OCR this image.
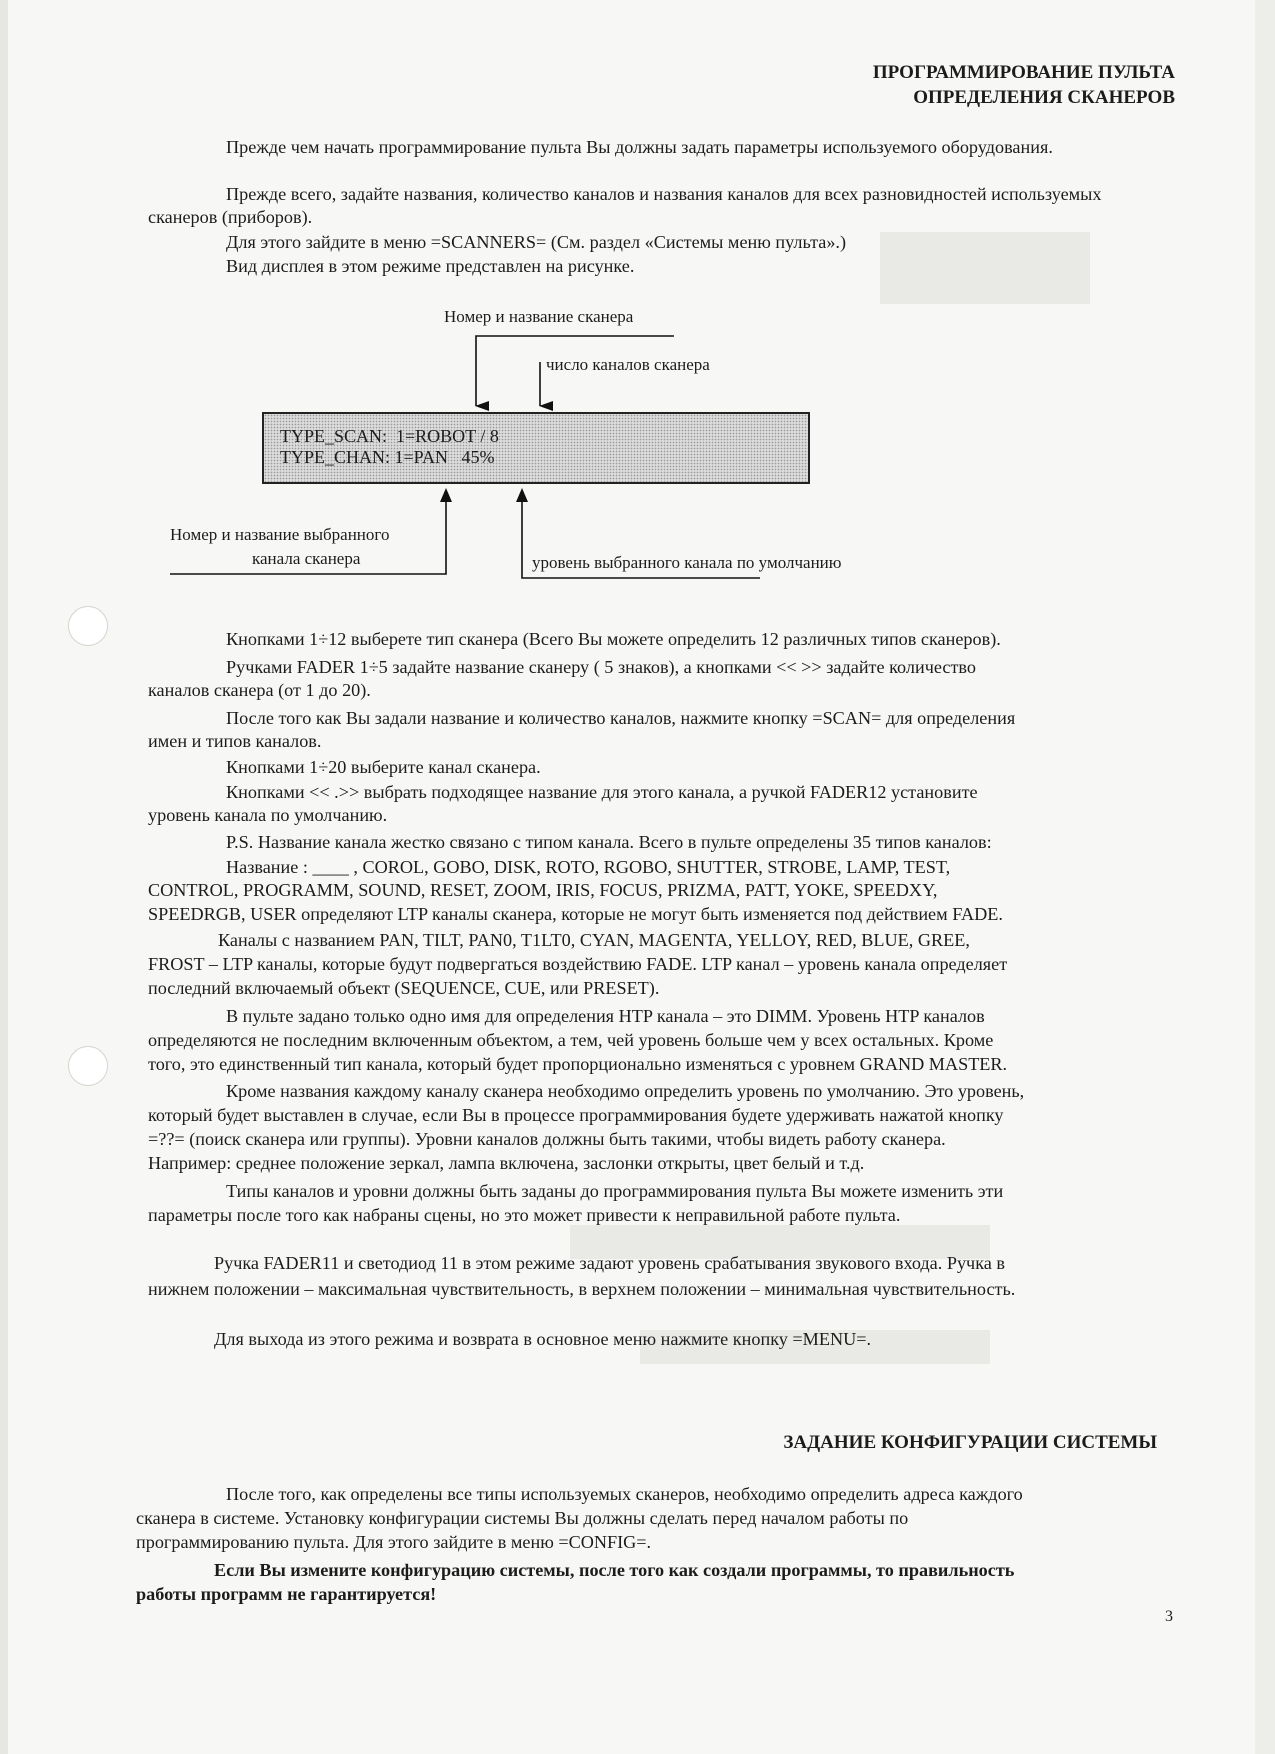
ПРОГРАММИРОВАНИЕ ПУЛЬТА
ОПРЕДЕЛЕНИЯ СКАНЕРОВ

Прежде чем начать программирование пульта Вы должны задать параметры используемого оборудования.

Прежде всего, задайте названия, количество каналов и названия каналов для всех разновидностей используемых сканеров (приборов).

Для этого зайдите в меню =SCANNERS= (См. раздел «Системы меню пульта».)

Вид дисплея в этом режиме представлен на рисунке.

Номер и название сканера
число каналов сканера
TYPE_SCAN:  1=ROBOT / 8
TYPE_CHAN: 1=PAN   45%
Номер и название выбранного
канала сканера	уровень выбранного канала по умолчанию

Кнопками 1÷12 выберете тип сканера (Всего Вы можете определить 12 различных типов сканеров).

Ручками FADER 1÷5 задайте название сканеру ( 5 знаков), а кнопками << >> задайте количество

каналов сканера (от 1 до 20).

После того как Вы задали название и количество каналов, нажмите кнопку =SCAN= для определения

имен и типов каналов.

Кнопками 1÷20 выберите канал сканера.

Кнопками << .>> выбрать подходящее название для этого канала, а ручкой FADER12 установите

уровень канала по умолчанию.

P.S. Название канала жестко связано с типом канала. Всего в пульте определены 35 типов каналов:

Название : ____ , COROL, GOBO, DISK, ROTO, RGOBO, SHUTTER, STROBE, LAMP, TEST,

CONTROL, PROGRAMM, SOUND, RESET, ZOOM, IRIS, FOCUS, PRIZMA, PATT, YOKE, SPEEDXY,

SPEEDRGB, USER определяют LTP каналы сканера, которые не могут быть изменяется под действием FADE.

Каналы с названием PAN, TILT, PAN0, T1LT0, CYAN, MAGENTA, YELLOY, RED, BLUE, GREE,

FROST – LTP каналы, которые будут подвергаться воздействию FADE. LTP канал – уровень канала определяет

последний включаемый объект (SEQUENCE, CUE, или PRESET).

В пульте задано только одно имя для определения HTP канала – это DIMM. Уровень HTP каналов

определяются не последним включенным объектом, а тем, чей уровень больше чем у всех остальных. Кроме

того, это единственный тип канала, который будет пропорционально изменяться с уровнем GRAND MASTER.

Кроме названия каждому каналу сканера необходимо определить уровень по умолчанию. Это уровень,

который будет выставлен в случае, если Вы в процессе программирования будете удерживать нажатой кнопку

=??= (поиск сканера или группы). Уровни каналов должны быть такими, чтобы видеть работу сканера.

Например: среднее положение зеркал, лампа включена, заслонки открыты, цвет белый и т.д.

Типы каналов и уровни должны быть заданы до программирования пульта Вы можете изменить эти

параметры после того как набраны сцены, но это может привести к неправильной работе пульта.

Ручка FADER11 и светодиод 11 в этом режиме задают уровень срабатывания звукового входа. Ручка в

нижнем положении – максимальная чувствительность, в верхнем положении – минимальная чувствительность.

Для выхода из этого режима и возврата в основное меню нажмите кнопку =MENU=.

ЗАДАНИЕ КОНФИГУРАЦИИ СИСТЕМЫ

После того, как определены все типы используемых сканеров, необходимо определить адреса каждого

сканера в системе. Установку конфигурации системы Вы должны сделать перед началом работы по

программированию пульта. Для этого зайдите в меню =CONFIG=.

Если Вы измените конфигурацию системы, после того как создали программы, то правильность

работы программ не гарантируется!

3
